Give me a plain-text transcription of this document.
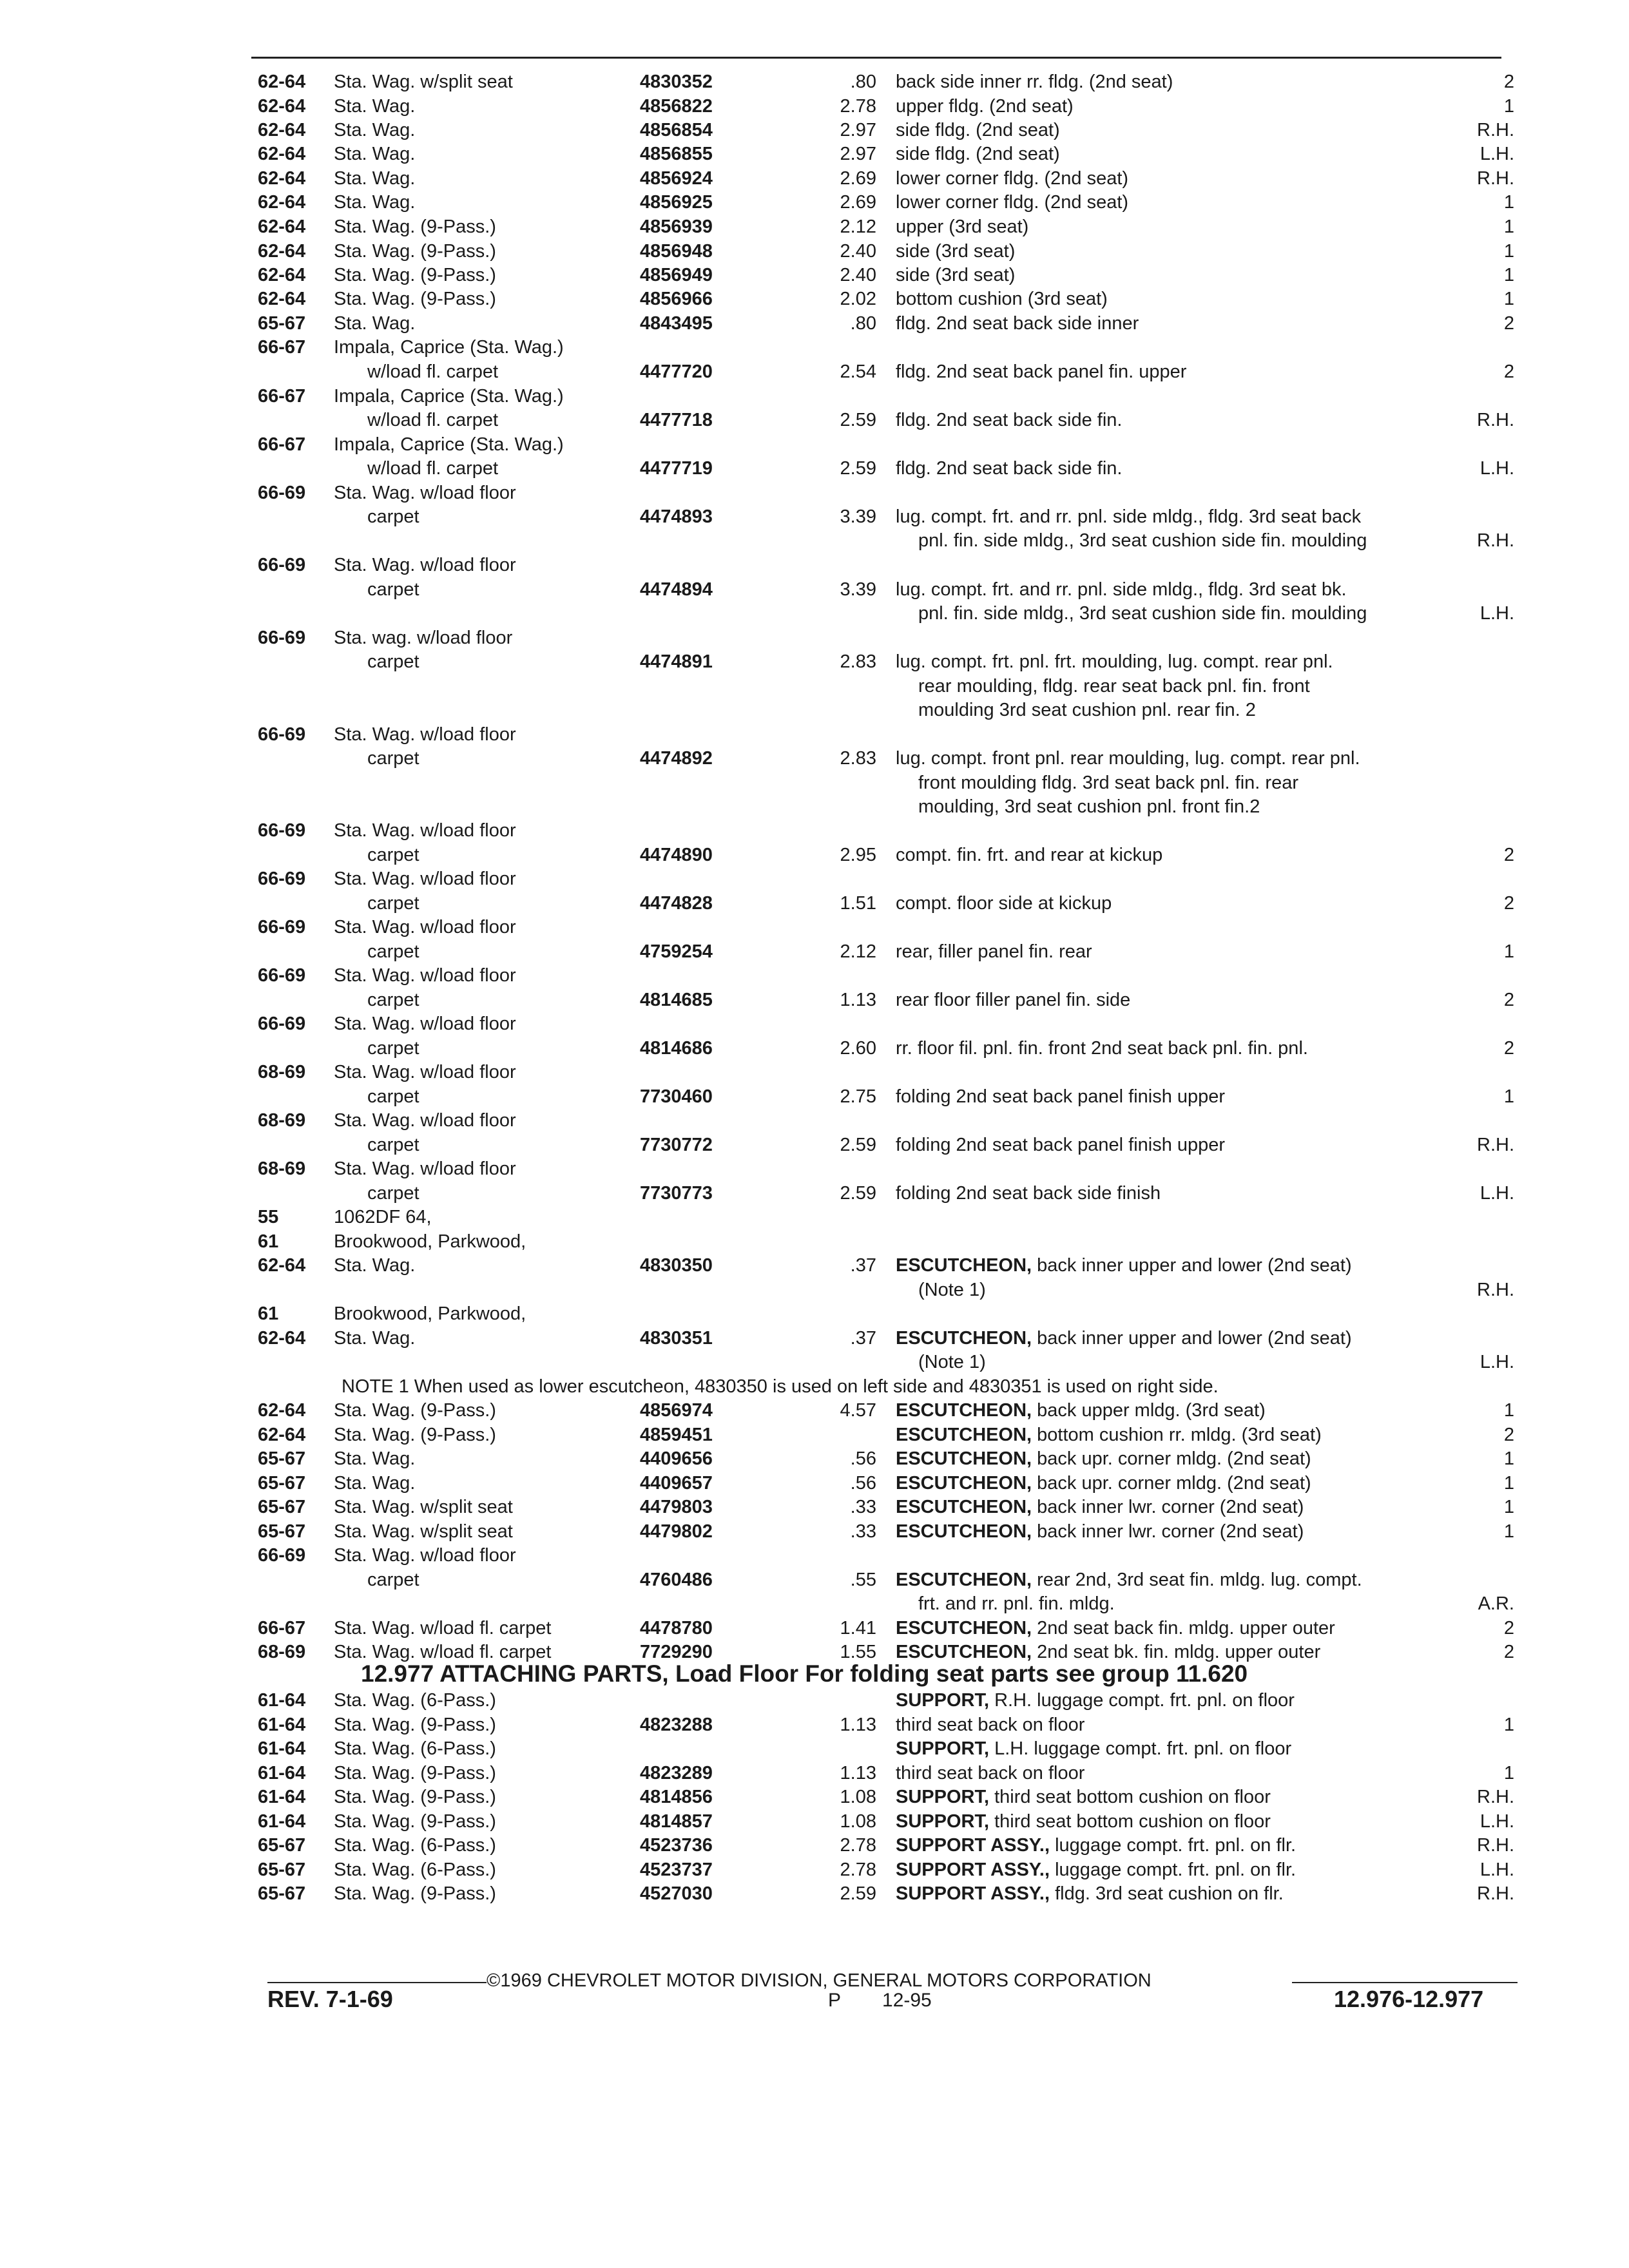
62-64 Sta. Wag. w/split seat	4830352	.80 back side inner rr. fldg. (2nd seat)	2
62-64 Sta. Wag.	4856822	2.78 upper fldg. (2nd seat)	1
62-64 Sta. Wag.	4856854	2.97 side fldg. (2nd seat)	R.H.
62-64 Sta. Wag.	4856855	2.97 side fldg. (2nd seat)	L.H.
62-64 Sta. Wag.	4856924	2.69 lower corner fldg. (2nd seat)	R.H.
62-64 Sta. Wag.	4856925	2.69 lower corner fldg. (2nd seat)	1
62-64 Sta. Wag. (9-Pass.)	4856939	2.12 upper (3rd seat)	1
62-64 Sta. Wag. (9-Pass.)	4856948	2.40 side (3rd seat)	1
62-64 Sta. Wag. (9-Pass.)	4856949	2.40 side (3rd seat)	1
62-64 Sta. Wag. (9-Pass.)	4856966	2.02 bottom cushion (3rd seat)	1
65-67 Sta. Wag.	4843495	.80 fldg. 2nd seat back side inner	2
66-67 Impala, Caprice (Sta. Wag.)
w/load fl. carpet	4477720	2.54 fldg. 2nd seat back panel fin. upper	2
66-67 Impala, Caprice (Sta. Wag.)
w/load fl. carpet	4477718	2.59 fldg. 2nd seat back side fin.	R.H.
66-67 Impala, Caprice (Sta. Wag.)
w/load fl. carpet	4477719	2.59 fldg. 2nd seat back side fin.	L.H.
66-69 Sta. Wag. w/load floor
carpet	4474893	3.39 lug. compt. frt. and rr. pnl. side mldg., fldg. 3rd seat back
pnl. fin. side mldg., 3rd seat cushion side fin. moulding	R.H.
66-69 Sta. Wag. w/load floor
carpet	4474894	3.39 lug. compt. frt. and rr. pnl. side mldg., fldg. 3rd seat bk.
pnl. fin. side mldg., 3rd seat cushion side fin. moulding	L.H.
66-69 Sta. wag. w/load floor
carpet	4474891	2.83 lug. compt. frt. pnl. frt. moulding, lug. compt. rear pnl.
rear moulding, fldg. rear seat back pnl. fin. front
moulding 3rd seat cushion pnl. rear fin. 2
66-69 Sta. Wag. w/load floor
carpet	4474892	2.83 lug. compt. front pnl. rear moulding, lug. compt. rear pnl.
front moulding fldg. 3rd seat back pnl. fin. rear
moulding, 3rd seat cushion pnl. front fin.2
66-69 Sta. Wag. w/load floor
carpet	4474890	2.95 compt. fin. frt. and rear at kickup	2
66-69 Sta. Wag. w/load floor
carpet	4474828	1.51 compt. floor side at kickup	2
66-69 Sta. Wag. w/load floor
carpet	4759254	2.12 rear, filler panel fin. rear	1
66-69 Sta. Wag. w/load floor
carpet	4814685	1.13 rear floor filler panel fin. side	2
66-69 Sta. Wag. w/load floor
carpet	4814686	2.60 rr. floor fil. pnl. fin. front 2nd seat back pnl. fin. pnl.	2
68-69 Sta. Wag. w/load floor
carpet	7730460	2.75 folding 2nd seat back panel finish upper	1
68-69 Sta. Wag. w/load floor
carpet	7730772	2.59 folding 2nd seat back panel finish upper	R.H.
68-69 Sta. Wag. w/load floor
carpet	7730773	2.59 folding 2nd seat back side finish	L.H.
55	1062DF 64,
61	Brookwood, Parkwood,
62-64 Sta. Wag.	4830350	.37 ESCUTCHEON, back inner upper and lower (2nd seat)
(Note 1)	R.H.
61	Brookwood, Parkwood,
62-64 Sta. Wag.	4830351	.37 ESCUTCHEON, back inner upper and lower (2nd seat)
(Note 1)	L.H.
NOTE 1 When used as lower escutcheon, 4830350 is used on left side and 4830351 is used on right side.
62-64 Sta. Wag. (9-Pass.)	4856974	4.57 ESCUTCHEON, back upper mldg. (3rd seat)	1
62-64 Sta. Wag. (9-Pass.)	4859451	ESCUTCHEON, bottom cushion rr. mldg. (3rd seat)	2
65-67 Sta. Wag.	4409656	.56 ESCUTCHEON, back upr. corner mldg. (2nd seat)	1
65-67 Sta. Wag.	4409657	.56 ESCUTCHEON, back upr. corner mldg. (2nd seat)	1
65-67 Sta. Wag. w/split seat	4479803	.33 ESCUTCHEON, back inner lwr. corner (2nd seat)	1
65-67 Sta. Wag. w/split seat	4479802	.33 ESCUTCHEON, back inner lwr. corner (2nd seat)	1
66-69 Sta. Wag. w/load floor
carpet	4760486	.55 ESCUTCHEON, rear 2nd, 3rd seat fin. mldg. lug. compt.
frt. and rr. pnl. fin. mldg.	A.R.
66-67 Sta. Wag. w/load fl. carpet	4478780	1.41 ESCUTCHEON, 2nd seat back fin. mldg. upper outer	2
68-69 Sta. Wag. w/load fl. carpet	7729290	1.55 ESCUTCHEON, 2nd seat bk. fin. mldg. upper outer	2
12.977 ATTACHING PARTS, Load Floor For folding seat parts see group 11.620
61-64 Sta. Wag. (6-Pass.)	SUPPORT, R.H. luggage compt. frt. pnl. on floor
61-64 Sta. Wag. (9-Pass.)	4823288	1.13 third seat back on floor	1
61-64 Sta. Wag. (6-Pass.)	SUPPORT, L.H. luggage compt. frt. pnl. on floor
61-64 Sta. Wag. (9-Pass.)	4823289	1.13 third seat back on floor	1
61-64 Sta. Wag. (9-Pass.)	4814856	1.08 SUPPORT, third seat bottom cushion on floor	R.H.
61-64 Sta. Wag. (9-Pass.)	4814857	1.08 SUPPORT, third seat bottom cushion on floor	L.H.
65-67 Sta. Wag. (6-Pass.)	4523736	2.78 SUPPORT ASSY., luggage compt. frt. pnl. on flr.	R.H.
65-67 Sta. Wag. (6-Pass.)	4523737	2.78 SUPPORT ASSY., luggage compt. frt. pnl. on flr.	L.H.
65-67 Sta. Wag. (9-Pass.)	4527030	2.59 SUPPORT ASSY., fldg. 3rd seat cushion on flr.	R.H.
©1969 CHEVROLET MOTOR DIVISION, GENERAL MOTORS CORPORATION
REV. 7-1-69	P 12-95	12.976-12.977
